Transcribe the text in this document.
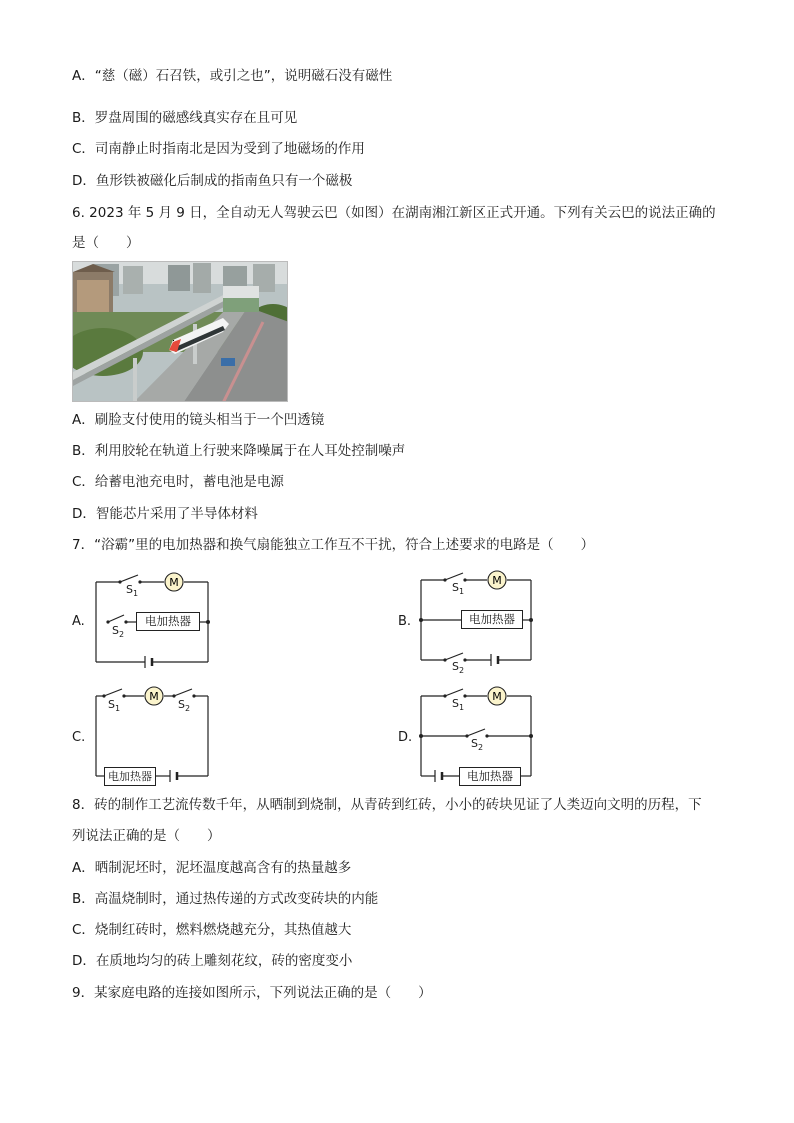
A．“慈（磁）石召铁，或引之也”，说明磁石没有磁性
B．罗盘周围的磁感线真实存在且可见
C．司南静止时指南北是因为受到了地磁场的作用
D．鱼形铁被磁化后制成的指南鱼只有一个磁极
6. 2023 年 5 月 9 日，全自动无人驾驶云巴（如图）在湖南湘江新区正式开通。下列有关云巴的说法正确的
是（　　）
A．刷脸支付使用的镜头相当于一个凹透镜
B．利用胶轮在轨道上行驶来降噪属于在人耳处控制噪声
C．给蓄电池充电时，蓄电池是电源
D．智能芯片采用了半导体材料
7．“浴霸”里的电加热器和换气扇能独立工作互不干扰，符合上述要求的电路是（　　）
A.
M
$S_1$
$S_2$
电加热器	B.
M
$S_1$
$S_2$
电加热器
C.
M
$S_1$	$S_2$
电加热器
D.
M
$S_1$
$S_2$
电加热器
8．砖的制作工艺流传数千年，从晒制到烧制，从青砖到红砖，小小的砖块见证了人类迈向文明的历程，下
列说法正确的是（　　）
A．晒制泥坯时，泥坯温度越高含有的热量越多
B．高温烧制时，通过热传递的方式改变砖块的内能
C．烧制红砖时，燃料燃烧越充分，其热值越大
D．在质地均匀的砖上雕刻花纹，砖的密度变小
9．某家庭电路的连接如图所示，下列说法正确的是（　　）
